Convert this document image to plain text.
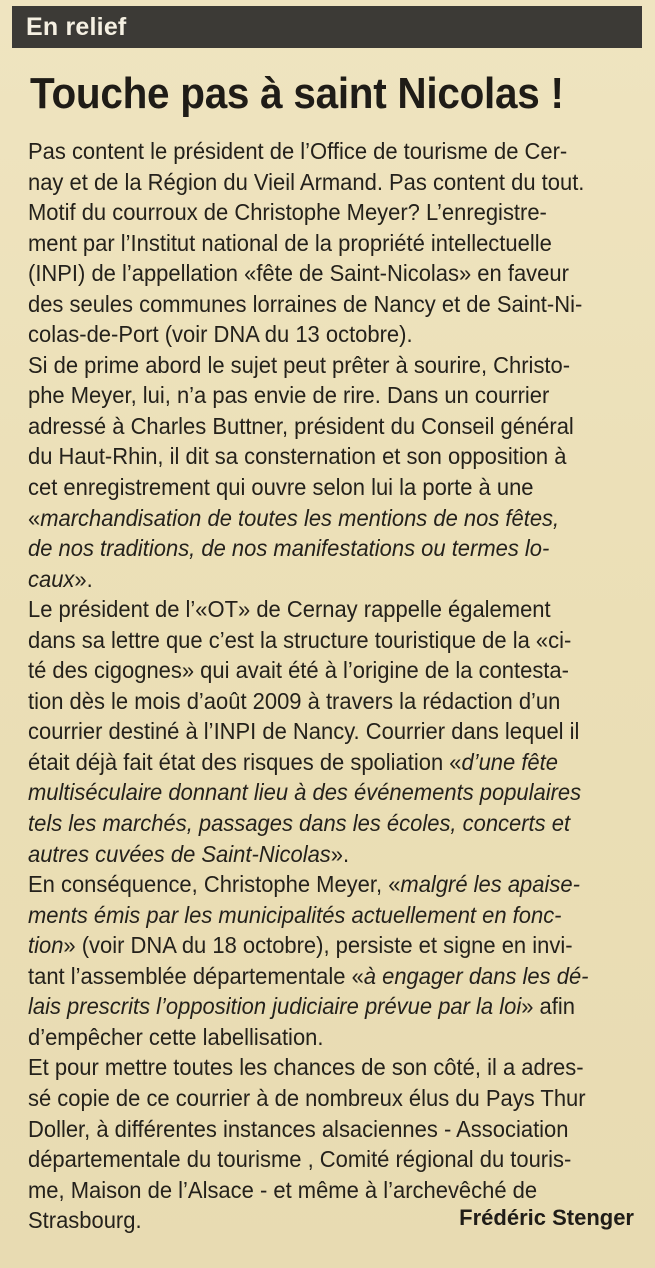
En relief
Touche pas à saint Nicolas !
Pas content le président de l’Office de tourisme de Cer-
nay et de la Région du Vieil Armand. Pas content du tout.
Motif du courroux de Christophe Meyer? L’enregistre-
ment par l’Institut national de la propriété intellectuelle
(INPI) de l’appellation «fête de Saint-Nicolas» en faveur
des seules communes lorraines de Nancy et de Saint-Ni-
colas-de-Port (voir DNA du 13 octobre).
Si de prime abord le sujet peut prêter à sourire, Christo-
phe Meyer, lui, n’a pas envie de rire. Dans un courrier
adressé à Charles Buttner, président du Conseil général
du Haut-Rhin, il dit sa consternation et son opposition à
cet enregistrement qui ouvre selon lui la porte à une
«marchandisation de toutes les mentions de nos fêtes,
de nos traditions, de nos manifestations ou termes lo-
caux».
Le président de l’«OT» de Cernay rappelle également
dans sa lettre que c’est la structure touristique de la «ci-
té des cigognes» qui avait été à l’origine de la contesta-
tion dès le mois d’août 2009 à travers la rédaction d’un
courrier destiné à l’INPI de Nancy. Courrier dans lequel il
était déjà fait état des risques de spoliation «d’une fête
multiséculaire donnant lieu à des événements populaires
tels les marchés, passages dans les écoles, concerts et
autres cuvées de Saint-Nicolas».
En conséquence, Christophe Meyer, «malgré les apaise-
ments émis par les municipalités actuellement en fonc-
tion» (voir DNA du 18 octobre), persiste et signe en invi-
tant l’assemblée départementale «à engager dans les dé-
lais prescrits l’opposition judiciaire prévue par la loi» afin
d’empêcher cette labellisation.
Et pour mettre toutes les chances de son côté, il a adres-
sé copie de ce courrier à de nombreux élus du Pays Thur
Doller, à différentes instances alsaciennes - Association
départementale du tourisme , Comité régional du touris-
me, Maison de l’Alsace - et même à l’archevêché de
Strasbourg.	Frédéric Stenger
